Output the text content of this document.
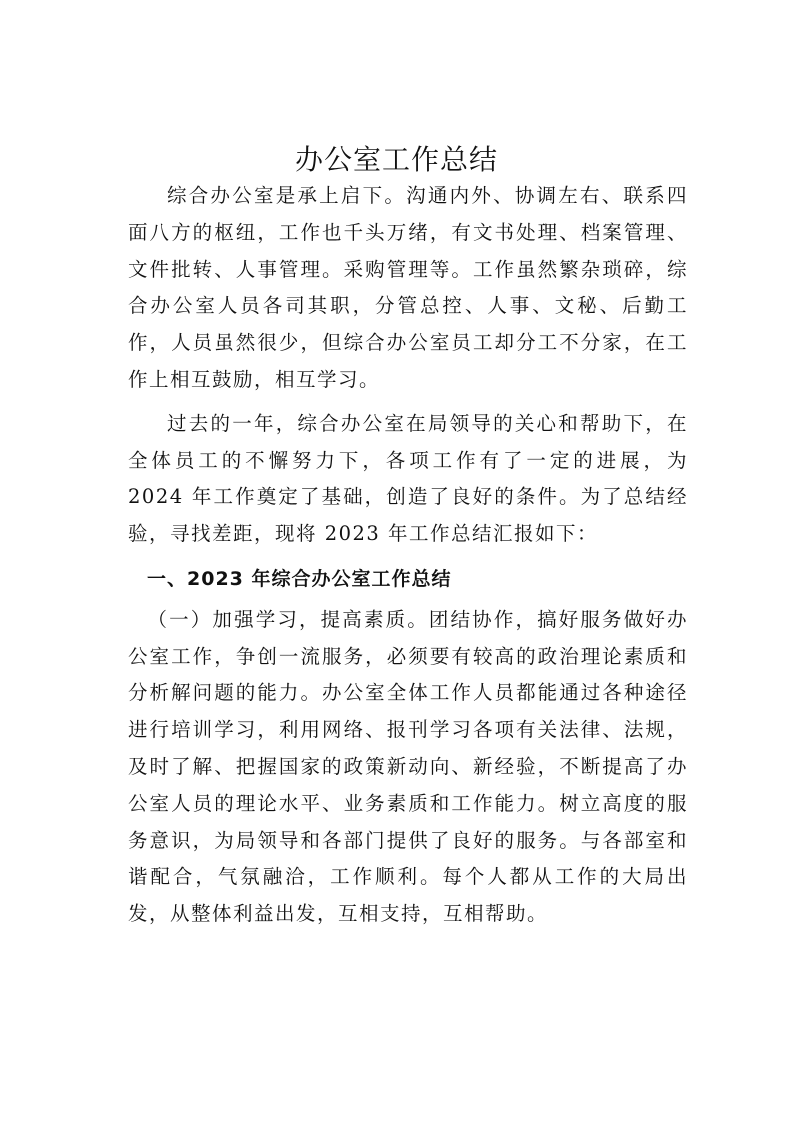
办公室工作总结

综合办公室是承上启下。沟通内外、协调左右、联系四面八方的枢纽，工作也千头万绪，有文书处理、档案管理、文件批转、人事管理。采购管理等。工作虽然繁杂琐碎，综合办公室人员各司其职，分管总控、人事、文秘、后勤工作，人员虽然很少，但综合办公室员工却分工不分家，在工作上相互鼓励，相互学习。

过去的一年，综合办公室在局领导的关心和帮助下，在全体员工的不懈努力下，各项工作有了一定的进展，为 2024 年工作奠定了基础，创造了良好的条件。为了总结经验，寻找差距，现将 2023 年工作总结汇报如下：

一、2023 年综合办公室工作总结

（一）加强学习，提高素质。团结协作，搞好服务做好办公室工作，争创一流服务，必须要有较高的政治理论素质和分析解问题的能力。办公室全体工作人员都能通过各种途径进行培训学习，利用网络、报刊学习各项有关法律、法规，及时了解、把握国家的政策新动向、新经验，不断提高了办公室人员的理论水平、业务素质和工作能力。树立高度的服务意识，为局领导和各部门提供了良好的服务。与各部室和谐配合，气氛融洽，工作顺利。每个人都从工作的大局出发，从整体利益出发，互相支持，互相帮助。
